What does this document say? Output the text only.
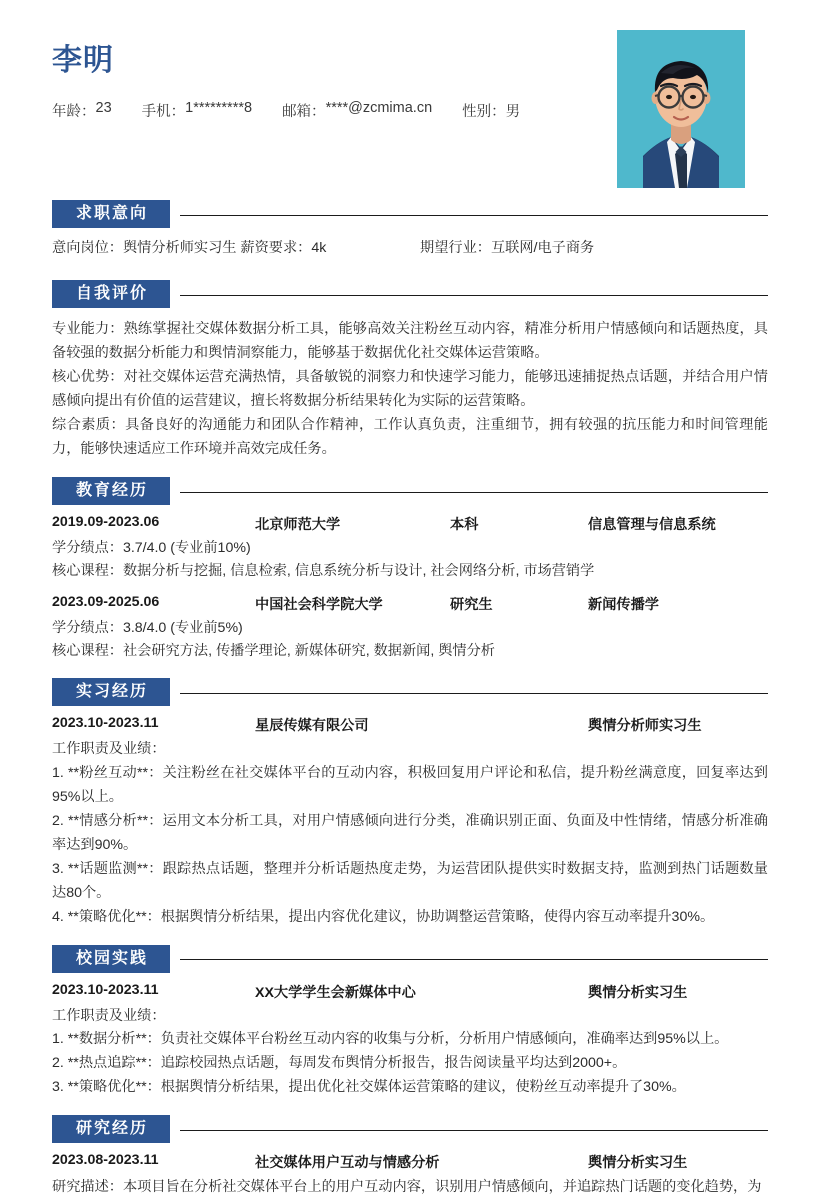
李明
年龄： 23 手机： 1*********8 邮箱： ****@zcmima.cn 性别： 男
求职意向
意向岗位：舆情分析师实习生 薪资要求：4k	期望行业：互联网/电子商务
自我评价
专业能力：熟练掌握社交媒体数据分析工具，能够高效关注粉丝互动内容，精准分析用户情感倾向和话题热度，具备较强的数据分析能力和舆情洞察能力，能够基于数据优化社交媒体运营策略。
核心优势：对社交媒体运营充满热情，具备敏锐的洞察力和快速学习能力，能够迅速捕捉热点话题，并结合用户情感倾向提出有价值的运营建议，擅长将数据分析结果转化为实际的运营策略。
综合素质：具备良好的沟通能力和团队合作精神，工作认真负责，注重细节，拥有较强的抗压能力和时间管理能力，能够快速适应工作环境并高效完成任务。
教育经历
2019.09-2023.06	北京师范大学	本科	信息管理与信息系统
学分绩点：3.7/4.0 (专业前10%)
核心课程：数据分析与挖掘, 信息检索, 信息系统分析与设计, 社会网络分析, 市场营销学
2023.09-2025.06	中国社会科学院大学	研究生	新闻传播学
学分绩点：3.8/4.0 (专业前5%)
核心课程：社会研究方法, 传播学理论, 新媒体研究, 数据新闻, 舆情分析
实习经历
2023.10-2023.11	星辰传媒有限公司	舆情分析师实习生
工作职责及业绩：
1. **粉丝互动**：关注粉丝在社交媒体平台的互动内容，积极回复用户评论和私信，提升粉丝满意度，回复率达到95%以上。
2. **情感分析**：运用文本分析工具，对用户情感倾向进行分类，准确识别正面、负面及中性情绪，情感分析准确率达到90%。
3. **话题监测**：跟踪热点话题，整理并分析话题热度走势，为运营团队提供实时数据支持，监测到热门话题数量达80个。
4. **策略优化**：根据舆情分析结果，提出内容优化建议，协助调整运营策略，使得内容互动率提升30%。
校园实践
2023.10-2023.11	XX大学学生会新媒体中心	舆情分析实习生
工作职责及业绩：
1. **数据分析**：负责社交媒体平台粉丝互动内容的收集与分析，分析用户情感倾向，准确率达到95%以上。
2. **热点追踪**：追踪校园热点话题，每周发布舆情分析报告，报告阅读量平均达到2000+。
3. **策略优化**：根据舆情分析结果，提出优化社交媒体运营策略的建议，使粉丝互动率提升了30%。
研究经历
2023.08-2023.11	社交媒体用户互动与情感分析	舆情分析实习生
研究描述：本项目旨在分析社交媒体平台上的用户互动内容，识别用户情感倾向，并追踪热门话题的变化趋势，为
